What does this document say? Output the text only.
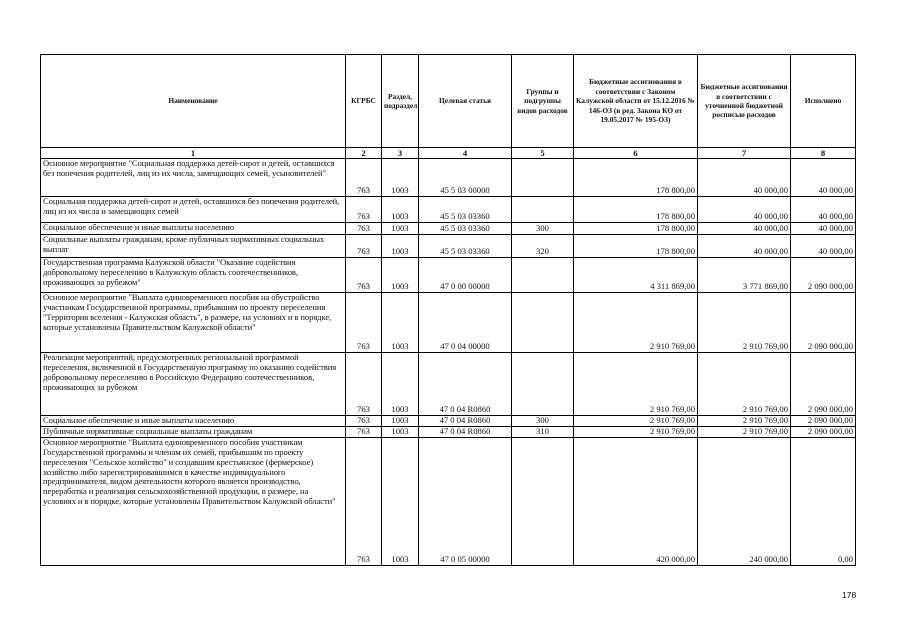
Наименование	КГРБС	Раздел, подраздел	Целевая статья	Группы и подгруппы видов расходов	Бюджетные ассигнования в соответствии с Законом Калужской области от 15.12.2016 № 146-ОЗ (в ред. Закона КО от 19.05.2017 № 195-ОЗ)	Бюджетные ассигнования в соответствии с уточненной бюджетной росписью расходов	Исполнено
1	2	3	4	5	6	7	8
Основное мероприятие "Социальная поддержка детей-сирот и детей, оставшихся без попечения родителей, лиц из их числа, замещающих семей, усыновителей"	763	1003	45 5 03 00000		178 800,00	40 000,00	40 000,00
Социальная поддержка детей-сирот и детей, оставшихся без попечения родителей, лиц из их числа и замещающих семей	763	1003	45 5 03 03360		178 800,00	40 000,00	40 000,00
Социальное обеспечение и иные выплаты населению	763	1003	45 5 03 03360	300	178 800,00	40 000,00	40 000,00
Социальные выплаты гражданам, кроме публичных нормативных социальных выплат	763	1003	45 5 03 03360	320	178 800,00	40 000,00	40 000,00
Государственная программа Калужской области "Оказание содействия добровольному переселению в Калужскую область соотечественников, проживающих за рубежом"	763	1003	47 0 00 00000		4 311 869,00	3 771 869,00	2 090 000,00
Основное мероприятие "Выплата единовременного пособия на обустройство участникам Государственной программы, прибывшим по проекту переселения "Территория вселения - Калужская область", в размере, на условиях и в порядке, которые установлены Правительством Калужской области"	763	1003	47 0 04 00000		2 910 769,00	2 910 769,00	2 090 000,00
Реализация мероприятий, предусмотренных региональной программой переселения, включенной в Государственную программу по оказанию содействия добровольному переселению в Российскую Федерацию соотечественников, проживающих за рубежом	763	1003	47 0 04 R0860		2 910 769,00	2 910 769,00	2 090 000,00
Социальное обеспечение и иные выплаты населению	763	1003	47 0 04 R0860	300	2 910 769,00	2 910 769,00	2 090 000,00
Публичные нормативные социальные выплаты гражданам	763	1003	47 0 04 R0860	310	2 910 769,00	2 910 769,00	2 090 000,00
Основное мероприятие "Выплата единовременного пособия участникам Государственной программы и членам их семей, прибывшим по проекту переселения "Сельское хозяйство" и создавшим крестьянское (фермерское) хозяйство либо зарегистрировавшимся в качестве индивидуального предпринимателя, видом деятельности которого является производство, переработка и реализация сельскохозяйственной продукции, в размере, на условиях и в порядке, которые установлены Правительством Калужской области"	763	1003	47 0 05 00000		420 000,00	240 000,00	0,00
178
